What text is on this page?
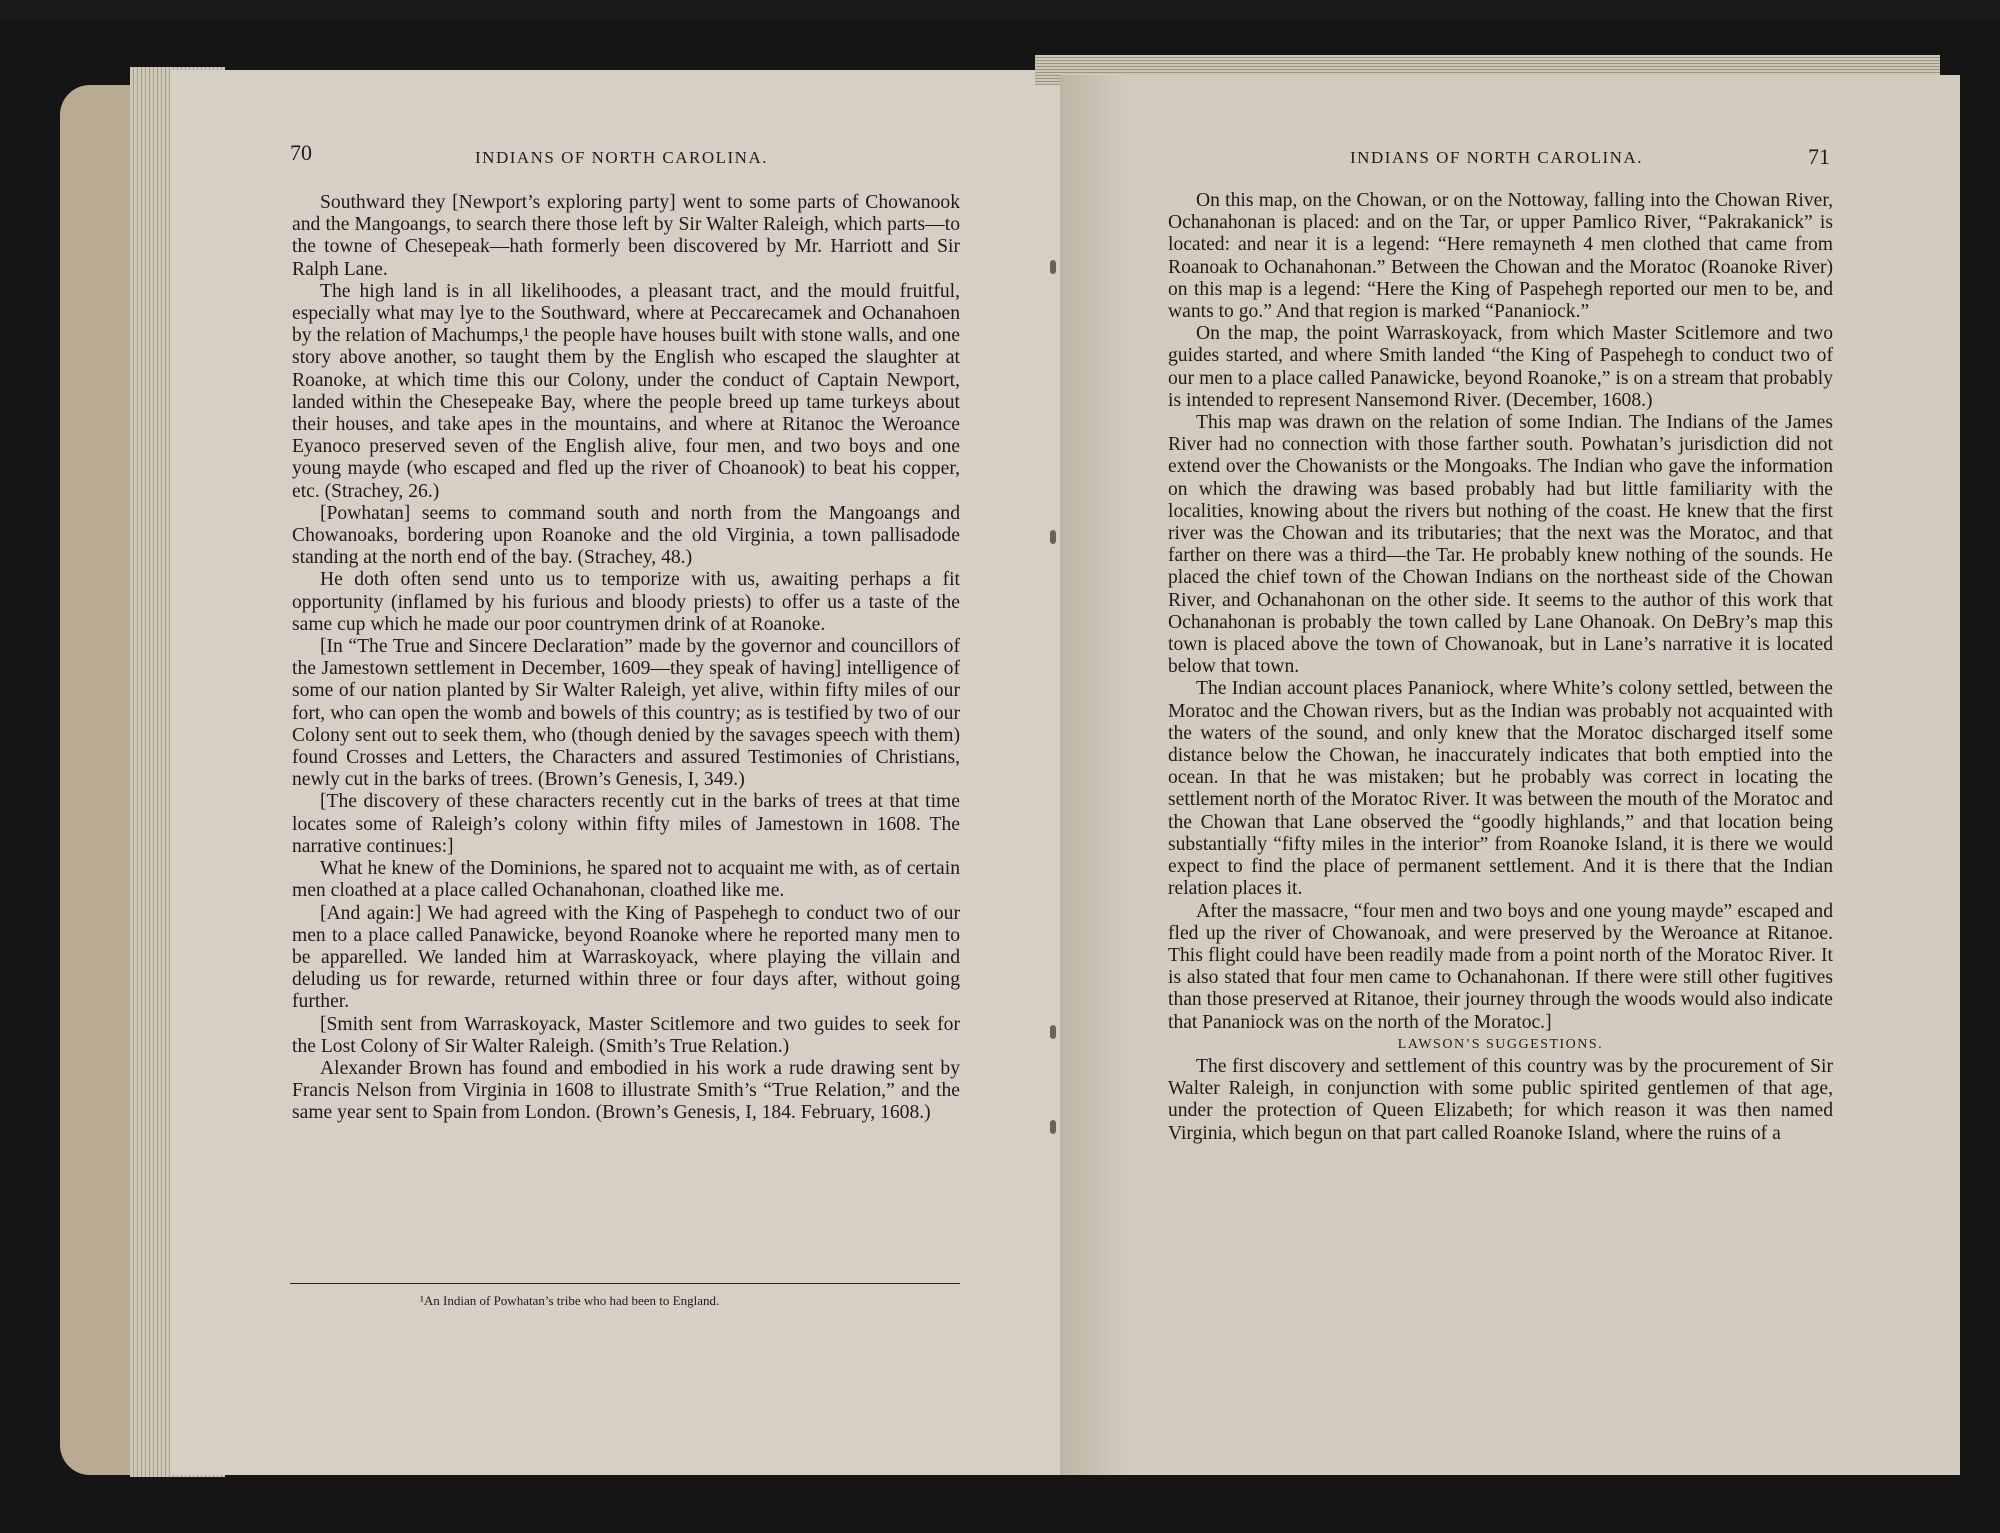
70	INDIANS OF NORTH CAROLINA.

Southward they [Newport’s exploring party] went to some parts of Chowanook and the Mangoangs, to search there those left by Sir Walter Raleigh, which parts—to the towne of Chesepeak—hath formerly been discovered by Mr. Harriott and Sir Ralph Lane.

The high land is in all likelihoodes, a pleasant tract, and the mould fruitful, especially what may lye to the Southward, where at Peccarecamek and Ochanahoen by the relation of Machumps,¹ the people have houses built with stone walls, and one story above another, so taught them by the English who escaped the slaughter at Roanoke, at which time this our Colony, under the conduct of Captain Newport, landed within the Chesepeake Bay, where the people breed up tame turkeys about their houses, and take apes in the mountains, and where at Ritanoc the Weroance Eyanoco preserved seven of the English alive, four men, and two boys and one young mayde (who escaped and fled up the river of Choanook) to beat his copper, etc. (Strachey, 26.)

[Powhatan] seems to command south and north from the Mangoangs and Chowanoaks, bordering upon Roanoke and the old Virginia, a town pallisadode standing at the north end of the bay. (Strachey, 48.)

He doth often send unto us to temporize with us, awaiting perhaps a fit opportunity (inflamed by his furious and bloody priests) to offer us a taste of the same cup which he made our poor countrymen drink of at Roanoke.

[In “The True and Sincere Declaration” made by the governor and councillors of the Jamestown settlement in December, 1609—they speak of having] intelligence of some of our nation planted by Sir Walter Raleigh, yet alive, within fifty miles of our fort, who can open the womb and bowels of this country; as is testified by two of our Colony sent out to seek them, who (though denied by the savages speech with them) found Crosses and Letters, the Characters and assured Testimonies of Christians, newly cut in the barks of trees. (Brown’s Genesis, I, 349.)

[The discovery of these characters recently cut in the barks of trees at that time locates some of Raleigh’s colony within fifty miles of Jamestown in 1608. The narrative continues:]

What he knew of the Dominions, he spared not to acquaint me with, as of certain men cloathed at a place called Ochanahonan, cloathed like me.

[And again:] We had agreed with the King of Paspehegh to conduct two of our men to a place called Panawicke, beyond Roanoke where he reported many men to be apparelled. We landed him at Warraskoyack, where playing the villain and deluding us for rewarde, returned within three or four days after, without going further.

[Smith sent from Warraskoyack, Master Scitlemore and two guides to seek for the Lost Colony of Sir Walter Raleigh. (Smith’s True Relation.)

Alexander Brown has found and embodied in his work a rude drawing sent by Francis Nelson from Virginia in 1608 to illustrate Smith’s “True Relation,” and the same year sent to Spain from London. (Brown’s Genesis, I, 184. February, 1608.)

¹An Indian of Powhatan’s tribe who had been to England.
INDIANS OF NORTH CAROLINA.	71

On this map, on the Chowan, or on the Nottoway, falling into the Chowan River, Ochanahonan is placed: and on the Tar, or upper Pamlico River, “Pakrakanick” is located: and near it is a legend: “Here remayneth 4 men clothed that came from Roanoak to Ochanahonan.” Between the Chowan and the Moratoc (Roanoke River) on this map is a legend: “Here the King of Paspehegh reported our men to be, and wants to go.” And that region is marked “Pananiock.”

On the map, the point Warraskoyack, from which Master Scitlemore and two guides started, and where Smith landed “the King of Paspehegh to conduct two of our men to a place called Panawicke, beyond Roanoke,” is on a stream that probably is intended to represent Nansemond River. (December, 1608.)

This map was drawn on the relation of some Indian. The Indians of the James River had no connection with those farther south. Powhatan’s jurisdiction did not extend over the Chowanists or the Mongoaks. The Indian who gave the information on which the drawing was based probably had but little familiarity with the localities, knowing about the rivers but nothing of the coast. He knew that the first river was the Chowan and its tributaries; that the next was the Moratoc, and that farther on there was a third—the Tar. He probably knew nothing of the sounds. He placed the chief town of the Chowan Indians on the northeast side of the Chowan River, and Ochanahonan on the other side. It seems to the author of this work that Ochanahonan is probably the town called by Lane Ohanoak. On DeBry’s map this town is placed above the town of Chowanoak, but in Lane’s narrative it is located below that town.

The Indian account places Pananiock, where White’s colony settled, between the Moratoc and the Chowan rivers, but as the Indian was probably not acquainted with the waters of the sound, and only knew that the Moratoc discharged itself some distance below the Chowan, he inaccurately indicates that both emptied into the ocean. In that he was mistaken; but he probably was correct in locating the settlement north of the Moratoc River. It was between the mouth of the Moratoc and the Chowan that Lane observed the “goodly highlands,” and that location being substantially “fifty miles in the interior” from Roanoke Island, it is there we would expect to find the place of permanent settlement. And it is there that the Indian relation places it.

After the massacre, “four men and two boys and one young mayde” escaped and fled up the river of Chowanoak, and were preserved by the Weroance at Ritanoe. This flight could have been readily made from a point north of the Moratoc River. It is also stated that four men came to Ochanahonan. If there were still other fugitives than those preserved at Ritanoe, their journey through the woods would also indicate that Pananiock was on the north of the Moratoc.]

LAWSON’S SUGGESTIONS.

The first discovery and settlement of this country was by the procurement of Sir Walter Raleigh, in conjunction with some public spirited gentlemen of that age, under the protection of Queen Elizabeth; for which reason it was then named Virginia, which begun on that part called Roanoke Island, where the ruins of a
